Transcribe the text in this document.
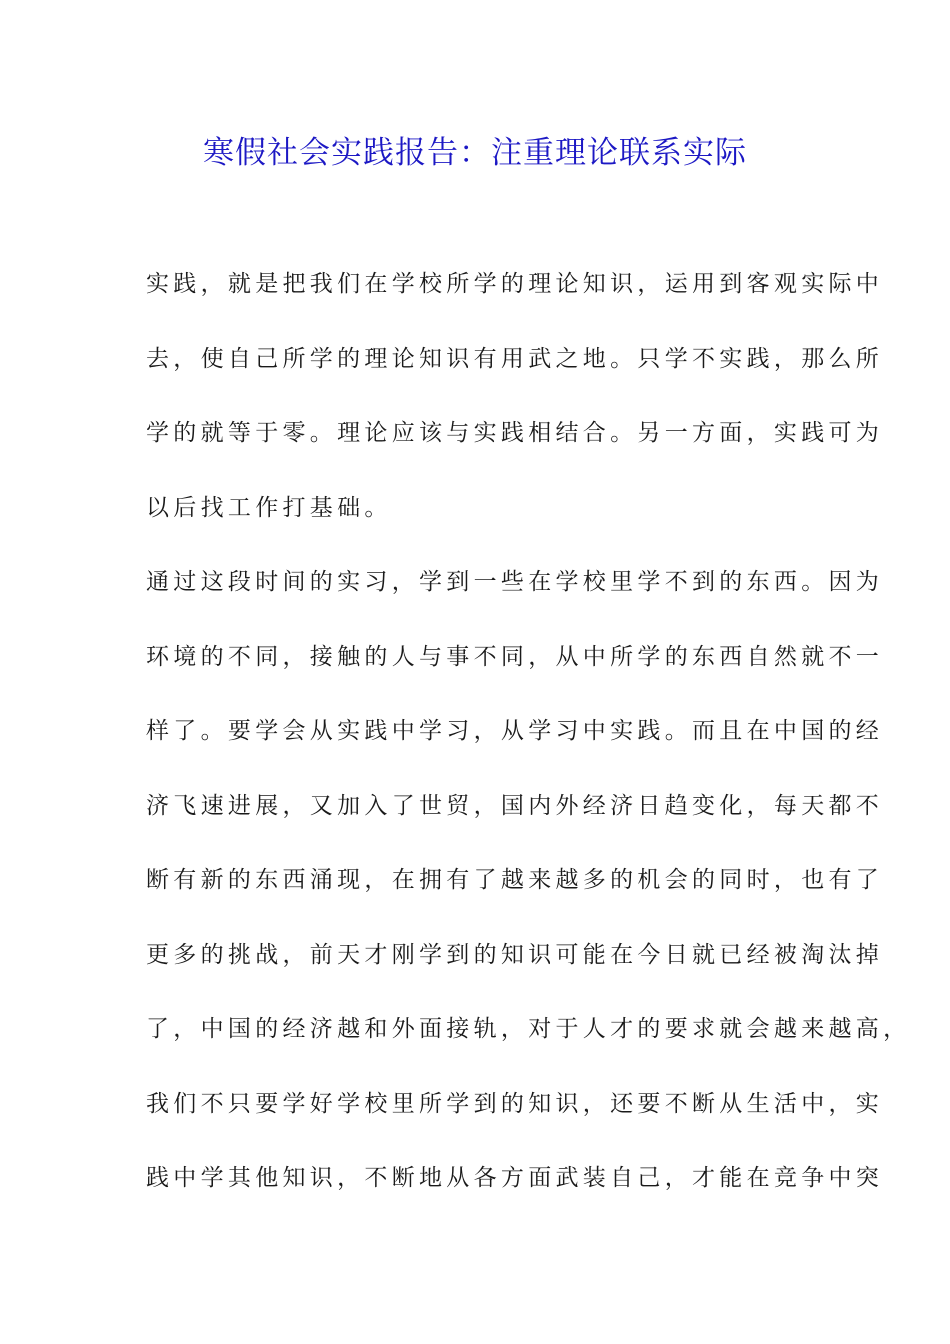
寒假社会实践报告：注重理论联系实际
实践，就是把我们在学校所学的理论知识，运用到客观实际中
去，使自己所学的理论知识有用武之地。只学不实践，那么所
学的就等于零。理论应该与实践相结合。另一方面，实践可为
以后找工作打基础。
通过这段时间的实习，学到一些在学校里学不到的东西。因为
环境的不同，接触的人与事不同，从中所学的东西自然就不一
样了。要学会从实践中学习，从学习中实践。而且在中国的经
济飞速进展，又加入了世贸，国内外经济日趋变化，每天都不
断有新的东西涌现，在拥有了越来越多的机会的同时，也有了
更多的挑战，前天才刚学到的知识可能在今日就已经被淘汰掉
了，中国的经济越和外面接轨，对于人才的要求就会越来越高，
我们不只要学好学校里所学到的知识，还要不断从生活中，实
践中学其他知识，不断地从各方面武装自己，才能在竞争中突
